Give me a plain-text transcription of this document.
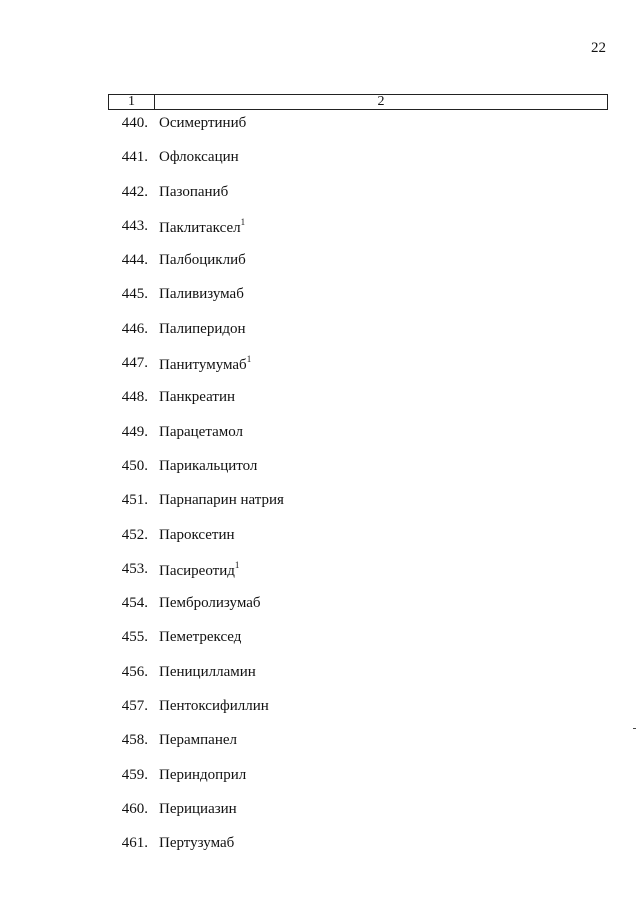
22
1	2
440. Осимертиниб
441. Офлоксацин
442. Пазопаниб
443. Паклитаксел$^1$
444. Палбоциклиб
445. Паливизумаб
446. Палиперидон
447. Панитумумаб$^1$
448. Панкреатин
449. Парацетамол
450. Парикальцитол
451. Парнапарин натрия
452. Пароксетин
453. Пасиреотид$^1$
454. Пембролизумаб
455. Пеметрексед
456. Пеницилламин
457. Пентоксифиллин
458. Перампанел
459. Периндоприл
460. Перициазин
461. Пертузумаб
